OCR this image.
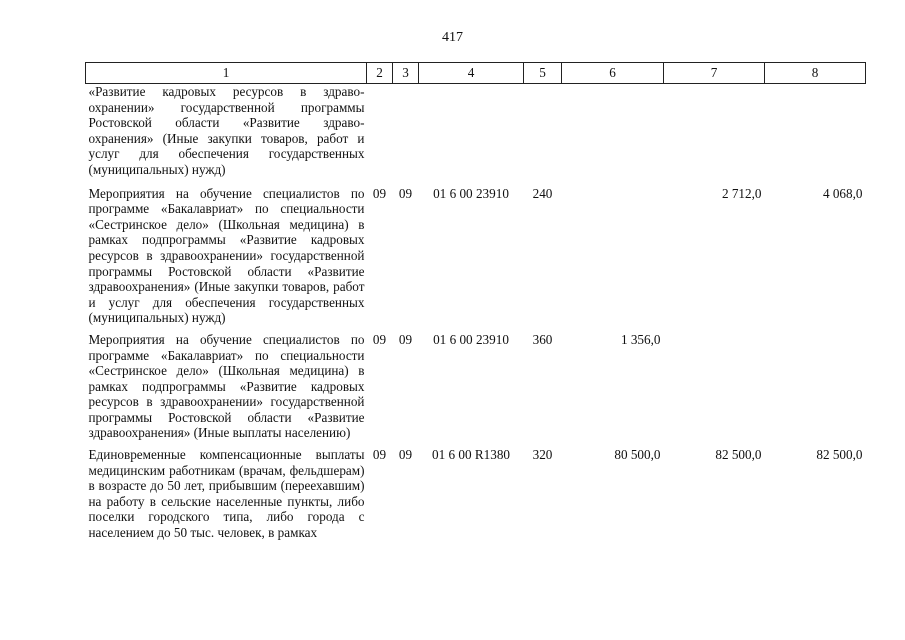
417
1	2	3	4	5	6	7	8
«Развитие кадровых ресурсов в здравоохранении» государственной программы Ростовской области «Развитие здравоохранения» (Иные закупки товаров, работ и услуг для обеспечения государственных (муниципальных) нужд)							
Мероприятия на обучение специалистов по программе «Бакалавриат» по специальности «Сестринское дело» (Школьная медицина) в рамках подпрограммы «Развитие кадровых ресурсов в здравоохранении» государственной программы Ростовской области «Развитие здравоохранения» (Иные закупки товаров, работ и услуг для обеспечения государственных (муниципальных) нужд)	09	09	01 6 00 23910	240		2 712,0	4 068,0
Мероприятия на обучение специалистов по программе «Бакалавриат» по специальности «Сестринское дело» (Школьная медицина) в рамках подпрограммы «Развитие кадровых ресурсов в здравоохранении» государственной программы Ростовской области «Развитие здравоохранения» (Иные выплаты населению)	09	09	01 6 00 23910	360	1 356,0		
Единовременные компенсационные выплаты медицинским работникам (врачам, фельдшерам) в возрасте до 50 лет, прибывшим (переехавшим) на работу в сельские населенные пункты, либо поселки городского типа, либо города с населением до 50 тыс. человек, в рамках	09	09	01 6 00 R1380	320	80 500,0	82 500,0	82 500,0
